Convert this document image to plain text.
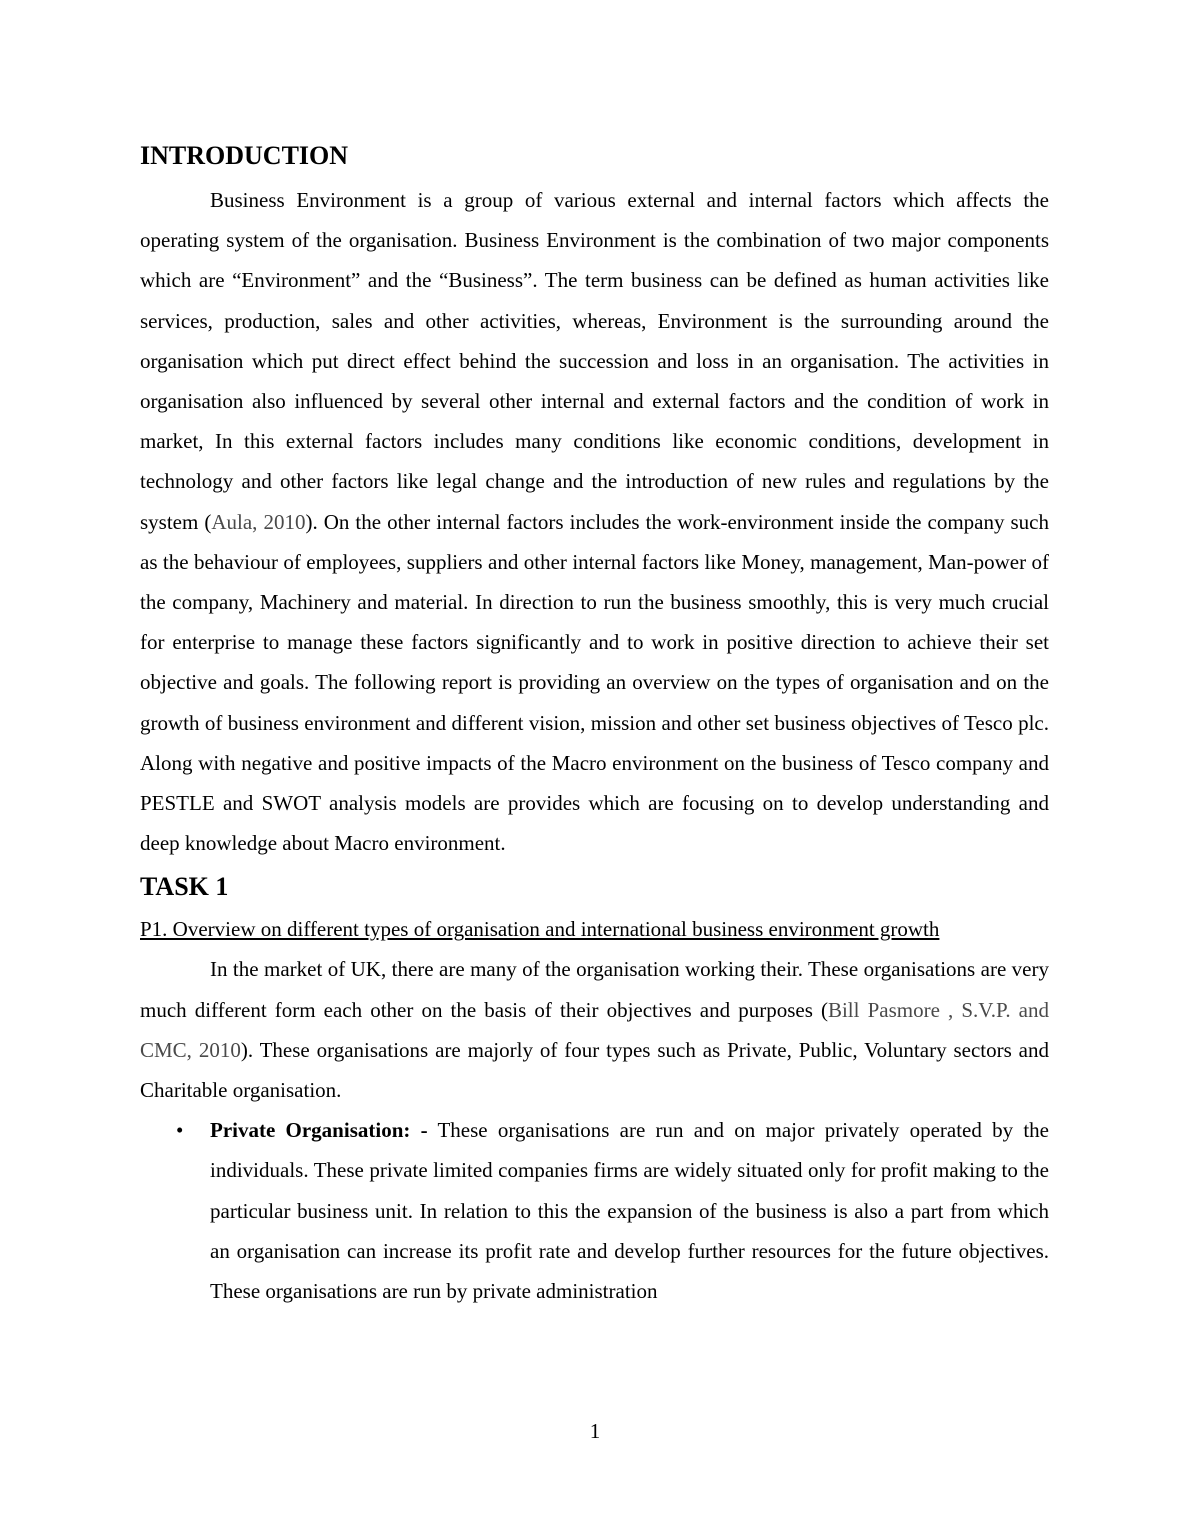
INTRODUCTION

Business Environment is a group of various external and internal factors which affects the operating system of the organisation. Business Environment is the combination of two major components which are “Environment” and the “Business”. The term business can be defined as human activities like services, production, sales and other activities, whereas, Environment is the surrounding around the organisation which put direct effect behind the succession and loss in an organisation. The activities in organisation also influenced by several other internal and external factors and the condition of work in market, In this external factors includes many conditions like economic conditions, development in technology and other factors like legal change and the introduction of new rules and regulations by the system (Aula, 2010). On the other internal factors includes the work-environment inside the company such as the behaviour of employees, suppliers and other internal factors like Money, management, Man-power of the company, Machinery and material. In direction to run the business smoothly, this is very much crucial for enterprise to manage these factors significantly and to work in positive direction to achieve their set objective and goals. The following report is providing an overview on the types of organisation and on the growth of business environment and different vision, mission and other set business objectives of Tesco plc. Along with negative and positive impacts of the Macro environment on the business of Tesco company and PESTLE and SWOT analysis models are provides which are focusing on to develop understanding and deep knowledge about Macro environment.

TASK 1

P1. Overview on different types of organisation and international business environment growth

In the market of UK, there are many of the organisation working their. These organisations are very much different form each other on the basis of their objectives and purposes (Bill Pasmore , S.V.P. and CMC, 2010). These organisations are majorly of four types such as Private, Public, Voluntary sectors and Charitable organisation.

• Private Organisation: - These organisations are run and on major privately operated by the individuals. These private limited companies firms are widely situated only for profit making to the particular business unit. In relation to this the expansion of the business is also a part from which an organisation can increase its profit rate and develop further resources for the future objectives. These organisations are run by private administration
1
